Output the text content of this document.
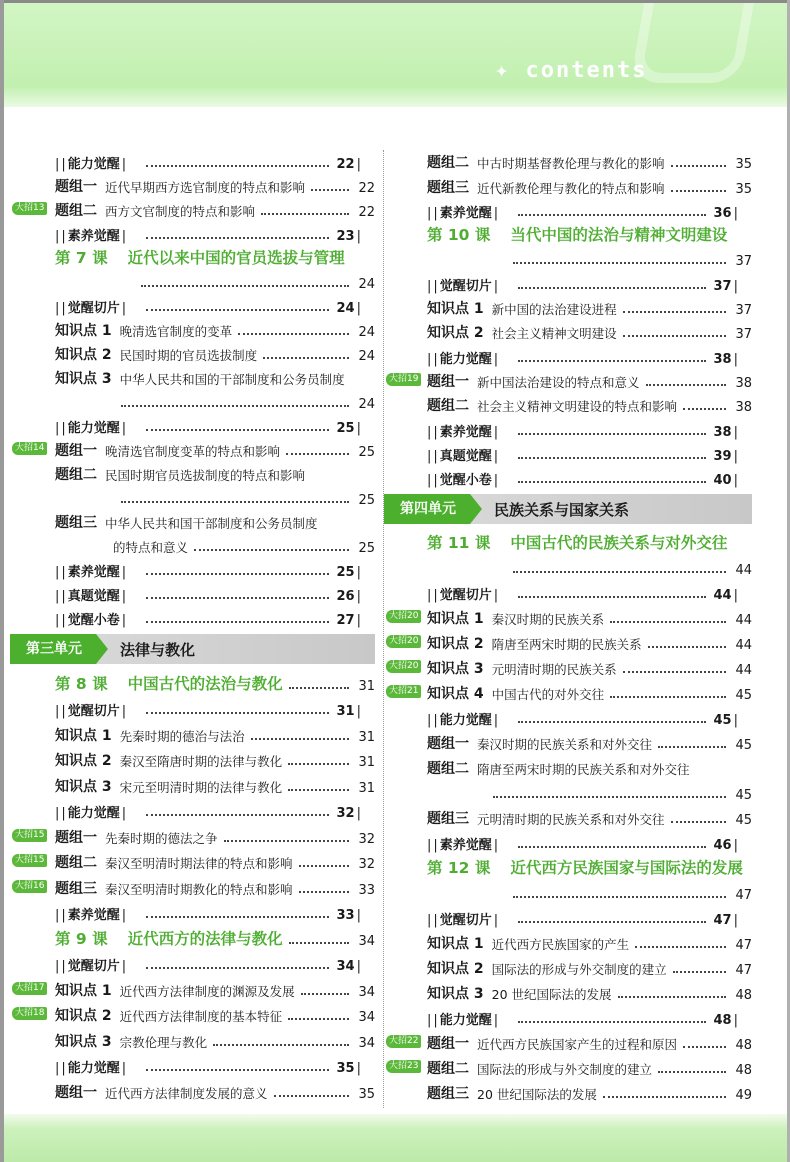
✦ contents
| | 能力觉醒 |	22
|
题组一 近代早期西方选官制度的特点和影响	22
大招13 题组二 西方文官制度的特点和影响	22
| | 素养觉醒 |	23
|
第 7 课 近代以来中国的官员选拔与管理
24
| | 觉醒切片 |	24
|
知识点 1 晚清选官制度的变革	24
知识点 2 民国时期的官员选拔制度	24
知识点 3 中华人民共和国的干部制度和公务员制度
24
| | 能力觉醒 |	25
|
大招14 题组一 晚清选官制度变革的特点和影响	25
题组二 民国时期官员选拔制度的特点和影响
25
题组三 中华人民共和国干部制度和公务员制度
的特点和意义	25
| | 素养觉醒 |	25
|
| | 真题觉醒 |	26
|
| | 觉醒小卷 |	27
|
第三单元	法律与教化
第 8 课 中国古代的法治与教化	31
| | 觉醒切片 |	31
|
知识点 1 先秦时期的德治与法治	31
知识点 2 秦汉至隋唐时期的法律与教化	31
知识点 3 宋元至明清时期的法律与教化	31
| | 能力觉醒 |	32
|
大招15 题组一 先秦时期的德法之争	32
大招15 题组二 秦汉至明清时期法律的特点和影响	32
大招16 题组三 秦汉至明清时期教化的特点和影响	33
| | 素养觉醒 |	33
|
第 9 课 近代西方的法律与教化	34
| | 觉醒切片 |	34
|
大招17 知识点 1 近代西方法律制度的渊源及发展	34
大招18 知识点 2 近代西方法律制度的基本特征	34
知识点 3 宗教伦理与教化	34
| | 能力觉醒 |	35
|
题组一 近代西方法律制度发展的意义	35
题组二 中古时期基督教伦理与教化的影响	35
题组三 近代新教伦理与教化的特点和影响	35
| | 素养觉醒 |	36
|
第 10 课 当代中国的法治与精神文明建设
37
| | 觉醒切片 |	37
|
知识点 1 新中国的法治建设进程	37
知识点 2 社会主义精神文明建设	37
| | 能力觉醒 |	38
|
大招19 题组一 新中国法治建设的特点和意义	38
题组二 社会主义精神文明建设的特点和影响	38
| | 素养觉醒 |	38
|
| | 真题觉醒 |	39
|
| | 觉醒小卷 |	40
|
第四单元	民族关系与国家关系
第 11 课 中国古代的民族关系与对外交往
44
| | 觉醒切片 |	44
|
大招20 知识点 1 秦汉时期的民族关系	44
大招20 知识点 2 隋唐至两宋时期的民族关系	44
大招20 知识点 3 元明清时期的民族关系	44
大招21 知识点 4 中国古代的对外交往	45
| | 能力觉醒 |	45
|
题组一 秦汉时期的民族关系和对外交往	45
题组二 隋唐至两宋时期的民族关系和对外交往
45
题组三 元明清时期的民族关系和对外交往	45
| | 素养觉醒 |	46
|
第 12 课 近代西方民族国家与国际法的发展
47
| | 觉醒切片 |	47
|
知识点 1 近代西方民族国家的产生	47
知识点 2 国际法的形成与外交制度的建立	47
知识点 3 20 世纪国际法的发展	48
| | 能力觉醒 |	48
|
大招22 题组一 近代西方民族国家产生的过程和原因	48
大招23 题组二 国际法的形成与外交制度的建立	48
题组三 20 世纪国际法的发展	49
